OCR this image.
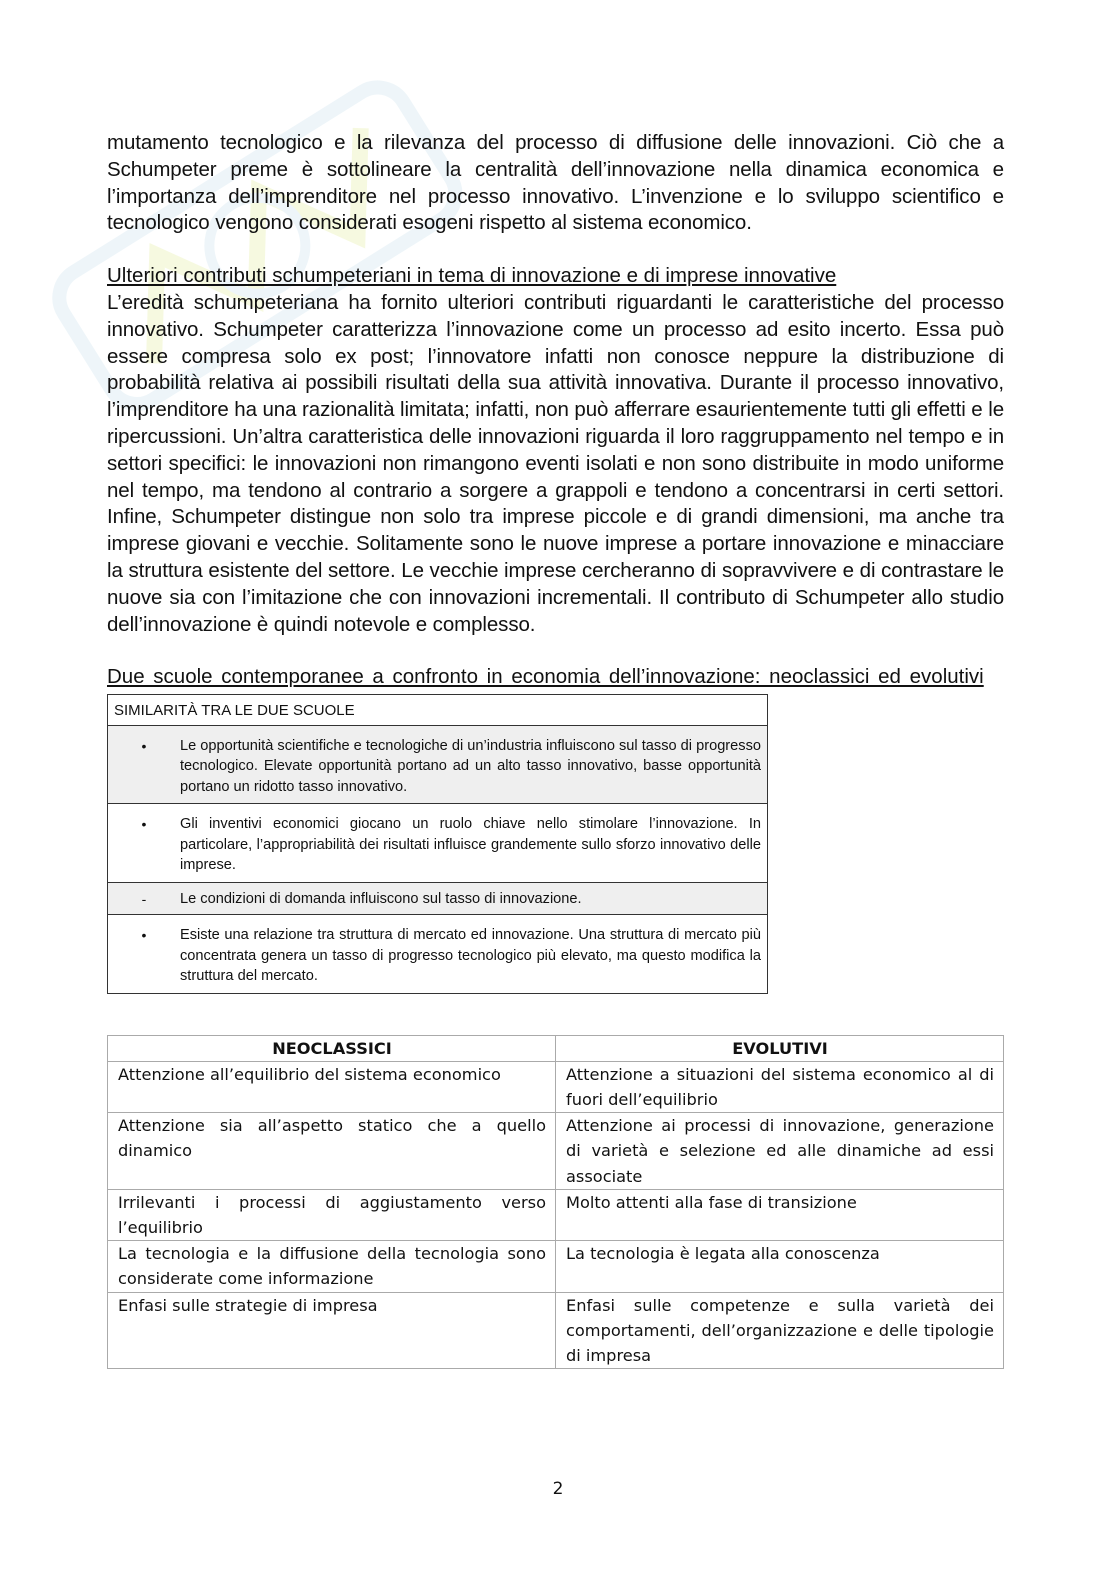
mutamento tecnologico e la rilevanza del processo di diffusione delle innovazioni. Ciò che a Schumpeter preme è sottolineare la centralità dell’innovazione nella dinamica economica e l’importanza dell’imprenditore nel processo innovativo. L’invenzione e lo sviluppo scientifico e tecnologico vengono considerati esogeni rispetto al sistema economico.

Ulteriori contributi schumpeteriani in tema di innovazione e di imprese innovative

L’eredità schumpeteriana ha fornito ulteriori contributi riguardanti le caratteristiche del processo innovativo. Schumpeter caratterizza l’innovazione come un processo ad esito incerto. Essa può essere compresa solo ex post; l’innovatore infatti non conosce neppure la distribuzione di probabilità relativa ai possibili risultati della sua attività innovativa. Durante il processo innovativo, l’imprenditore ha una razionalità limitata; infatti, non può afferrare esaurientemente tutti gli effetti e le ripercussioni. Un’altra caratteristica delle innovazioni riguarda il loro raggruppamento nel tempo e in settori specifici: le innovazioni non rimangono eventi isolati e non sono distribuite in modo uniforme nel tempo, ma tendono al contrario a sorgere a grappoli e tendono a concentrarsi in certi settori. Infine, Schumpeter distingue non solo tra imprese piccole e di grandi dimensioni, ma anche tra imprese giovani e vecchie. Solitamente sono le nuove imprese a portare innovazione e minacciare la struttura esistente del settore. Le vecchie imprese cercheranno di sopravvivere e di contrastare le nuove sia con l’imitazione che con innovazioni incrementali. Il contributo di Schumpeter allo studio dell’innovazione è quindi notevole e complesso.

Due scuole contemporanee a confronto in economia dell’innovazione: neoclassici ed evolutivi

SIMILARITÀ TRA LE DUE SCUOLE

•	Le opportunità scientifiche e tecnologiche di un’industria influiscono sul tasso di progresso tecnologico. Elevate opportunità portano ad un alto tasso innovativo, basse opportunità portano un ridotto tasso innovativo.

•	Gli inventivi economici giocano un ruolo chiave nello stimolare l’innovazione. In particolare, l’appropriabilità dei risultati influisce grandemente sullo sforzo innovativo delle imprese.

-	Le condizioni di domanda influiscono sul tasso di innovazione.

•	Esiste una relazione tra struttura di mercato ed innovazione. Una struttura di mercato più concentrata genera un tasso di progresso tecnologico più elevato, ma questo modifica la struttura del mercato.
NEOCLASSICI	EVOLUTIVI
Attenzione all’equilibrio del sistema economico	Attenzione a situazioni del sistema economico al di fuori dell’equilibrio
Attenzione sia all’aspetto statico che a quello dinamico	Attenzione ai processi di innovazione, generazione di varietà e selezione ed alle dinamiche ad essi associate
Irrilevanti i processi di aggiustamento verso l’equilibrio	Molto attenti alla fase di transizione
La tecnologia e la diffusione della tecnologia sono considerate come informazione	La tecnologia è legata alla conoscenza
Enfasi sulle strategie di impresa	Enfasi sulle competenze e sulla varietà dei comportamenti, dell’organizzazione e delle tipologie di impresa
2
